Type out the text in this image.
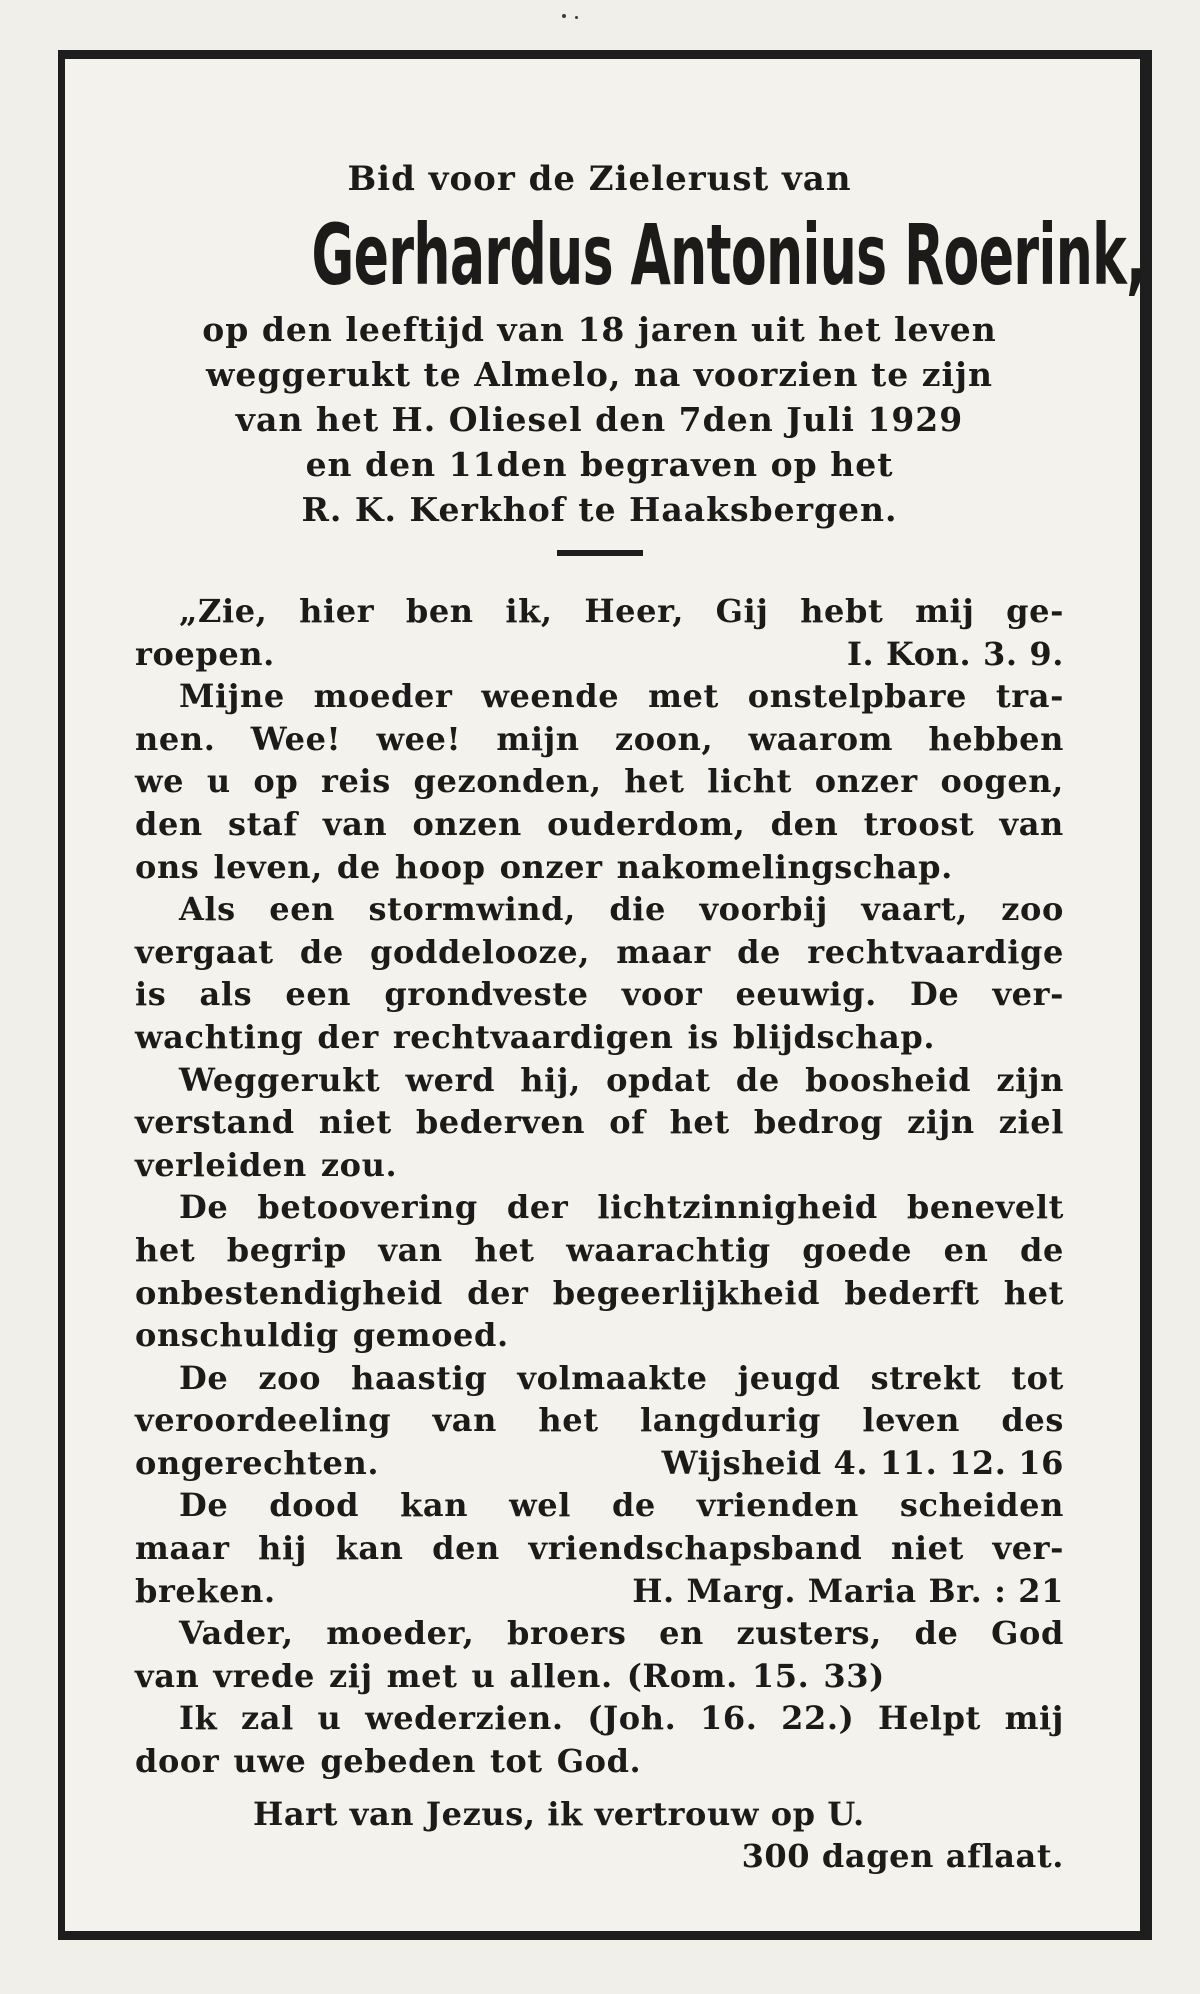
Bid voor de Zielerust van
Gerhardus Antonius Roerink,
op den leeftijd van 18 jaren uit het leven
weggerukt te Almelo, na voorzien te zijn
van het H. Oliesel den 7den Juli 1929
en den 11den begraven op het
R. K. Kerkhof te Haaksbergen.
„Zie, hier ben ik, Heer, Gij hebt mij ge-
roepen.	I. Kon. 3. 9.
Mijne moeder weende met onstelpbare tra-
nen. Wee! wee! mijn zoon, waarom hebben
we u op reis gezonden, het licht onzer oogen,
den staf van onzen ouderdom, den troost van
ons leven, de hoop onzer nakomelingschap.
Als een stormwind, die voorbij vaart, zoo
vergaat de goddelooze, maar de rechtvaardige
is als een grondveste voor eeuwig. De ver-
wachting der rechtvaardigen is blijdschap.
Weggerukt werd hij, opdat de boosheid zijn
verstand niet bederven of het bedrog zijn ziel
verleiden zou.
De betoovering der lichtzinnigheid benevelt
het begrip van het waarachtig goede en de
onbestendigheid der begeerlijkheid bederft het
onschuldig gemoed.
De zoo haastig volmaakte jeugd strekt tot
veroordeeling van het langdurig leven des
ongerechten.	Wijsheid 4. 11. 12. 16
De dood kan wel de vrienden scheiden
maar hij kan den vriendschapsband niet ver-
breken.	H. Marg. Maria Br. : 21
Vader, moeder, broers en zusters, de God
van vrede zij met u allen. (Rom. 15. 33)
Ik zal u wederzien. (Joh. 16. 22.) Helpt mij
door uwe gebeden tot God.
Hart van Jezus, ik vertrouw op U.
300 dagen aflaat.
